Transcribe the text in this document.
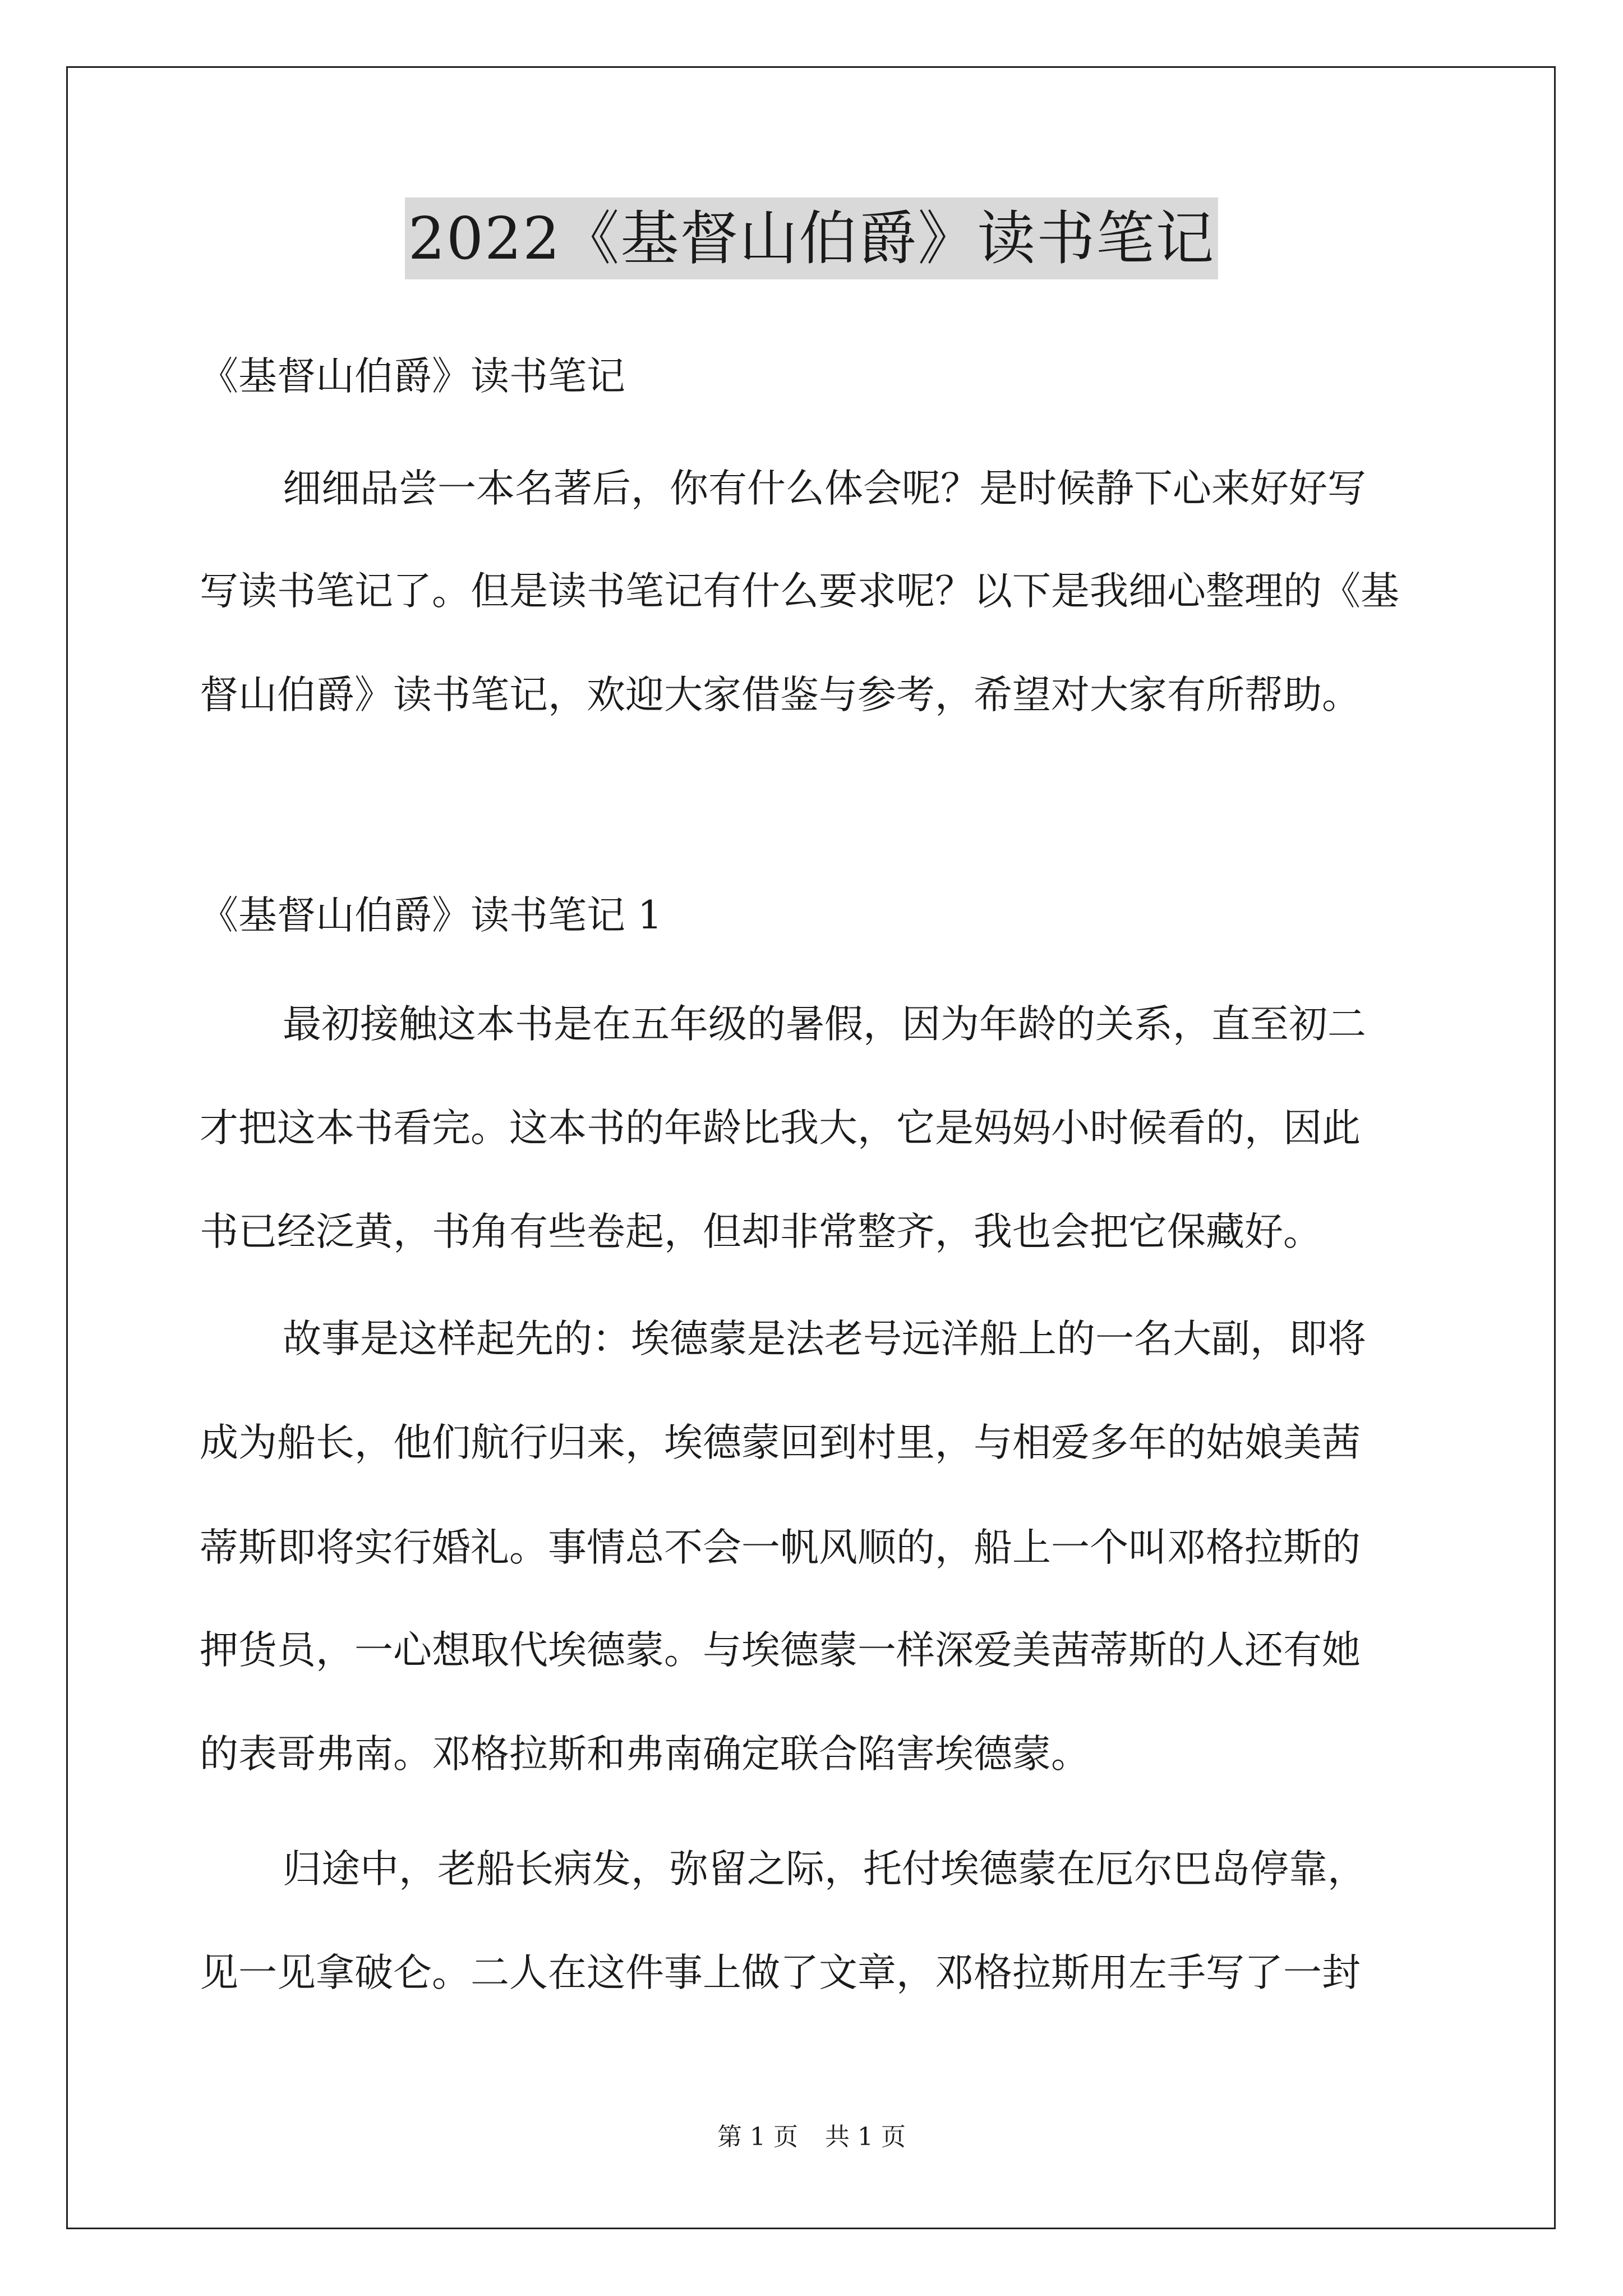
2022《基督山伯爵》读书笔记
《基督山伯爵》读书笔记
细细品尝一本名著后，你有什么体会呢？是时候静下心来好好写
写读书笔记了。但是读书笔记有什么要求呢？以下是我细心整理的《基
督山伯爵》读书笔记，欢迎大家借鉴与参考，希望对大家有所帮助。
《基督山伯爵》读书笔记 1
最初接触这本书是在五年级的暑假，因为年龄的关系，直至初二
才把这本书看完。这本书的年龄比我大，它是妈妈小时候看的，因此
书已经泛黄，书角有些卷起，但却非常整齐，我也会把它保藏好。
故事是这样起先的：埃德蒙是法老号远洋船上的一名大副，即将
成为船长，他们航行归来，埃德蒙回到村里，与相爱多年的姑娘美茜
蒂斯即将实行婚礼。事情总不会一帆风顺的，船上一个叫邓格拉斯的
押货员，一心想取代埃德蒙。与埃德蒙一样深爱美茜蒂斯的人还有她
的表哥弗南。邓格拉斯和弗南确定联合陷害埃德蒙。
归途中，老船长病发，弥留之际，托付埃德蒙在厄尔巴岛停靠，
见一见拿破仑。二人在这件事上做了文章，邓格拉斯用左手写了一封
第 1 页 共 1 页
